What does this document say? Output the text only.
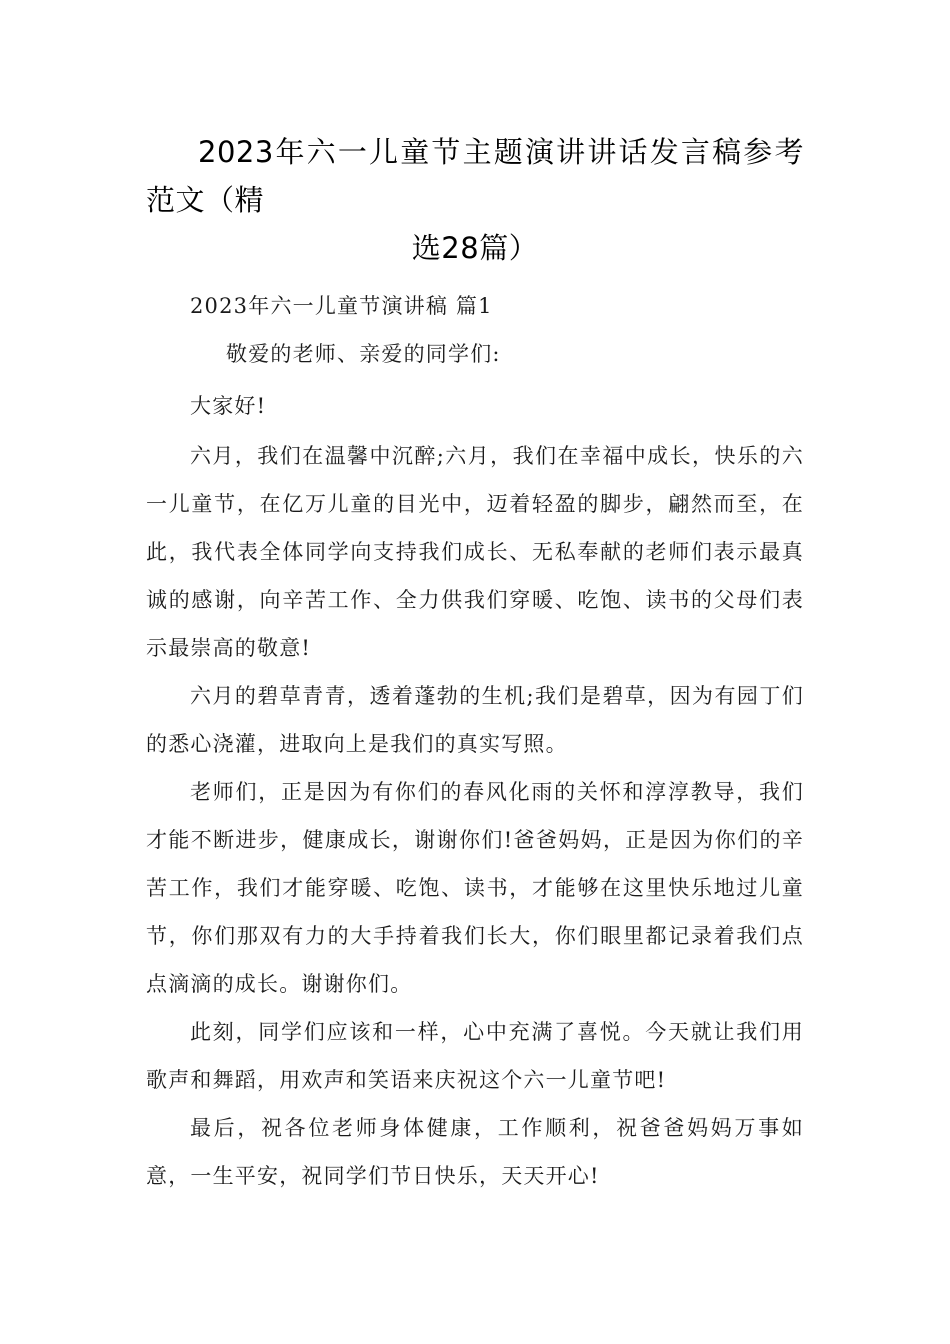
2023年六一儿童节主题演讲讲话发言稿参考范文（精
选28篇）

2023年六一儿童节演讲稿 篇1

敬爱的老师、亲爱的同学们:

大家好!

六月，我们在温馨中沉醉;六月，我们在幸福中成长，快乐的六一儿童节，在亿万儿童的目光中，迈着轻盈的脚步，翩然而至，在此，我代表全体同学向支持我们成长、无私奉献的老师们表示最真诚的感谢，向辛苦工作、全力供我们穿暖、吃饱、读书的父母们表示最崇高的敬意!

六月的碧草青青，透着蓬勃的生机;我们是碧草，因为有园丁们的悉心浇灌，进取向上是我们的真实写照。

老师们，正是因为有你们的春风化雨的关怀和淳淳教导，我们才能不断进步，健康成长，谢谢你们!爸爸妈妈，正是因为你们的辛苦工作，我们才能穿暖、吃饱、读书，才能够在这里快乐地过儿童节，你们那双有力的大手持着我们长大，你们眼里都记录着我们点点滴滴的成长。谢谢你们。

此刻，同学们应该和一样，心中充满了喜悦。今天就让我们用歌声和舞蹈，用欢声和笑语来庆祝这个六一儿童节吧!

最后，祝各位老师身体健康，工作顺利，祝爸爸妈妈万事如意，一生平安，祝同学们节日快乐，天天开心!
